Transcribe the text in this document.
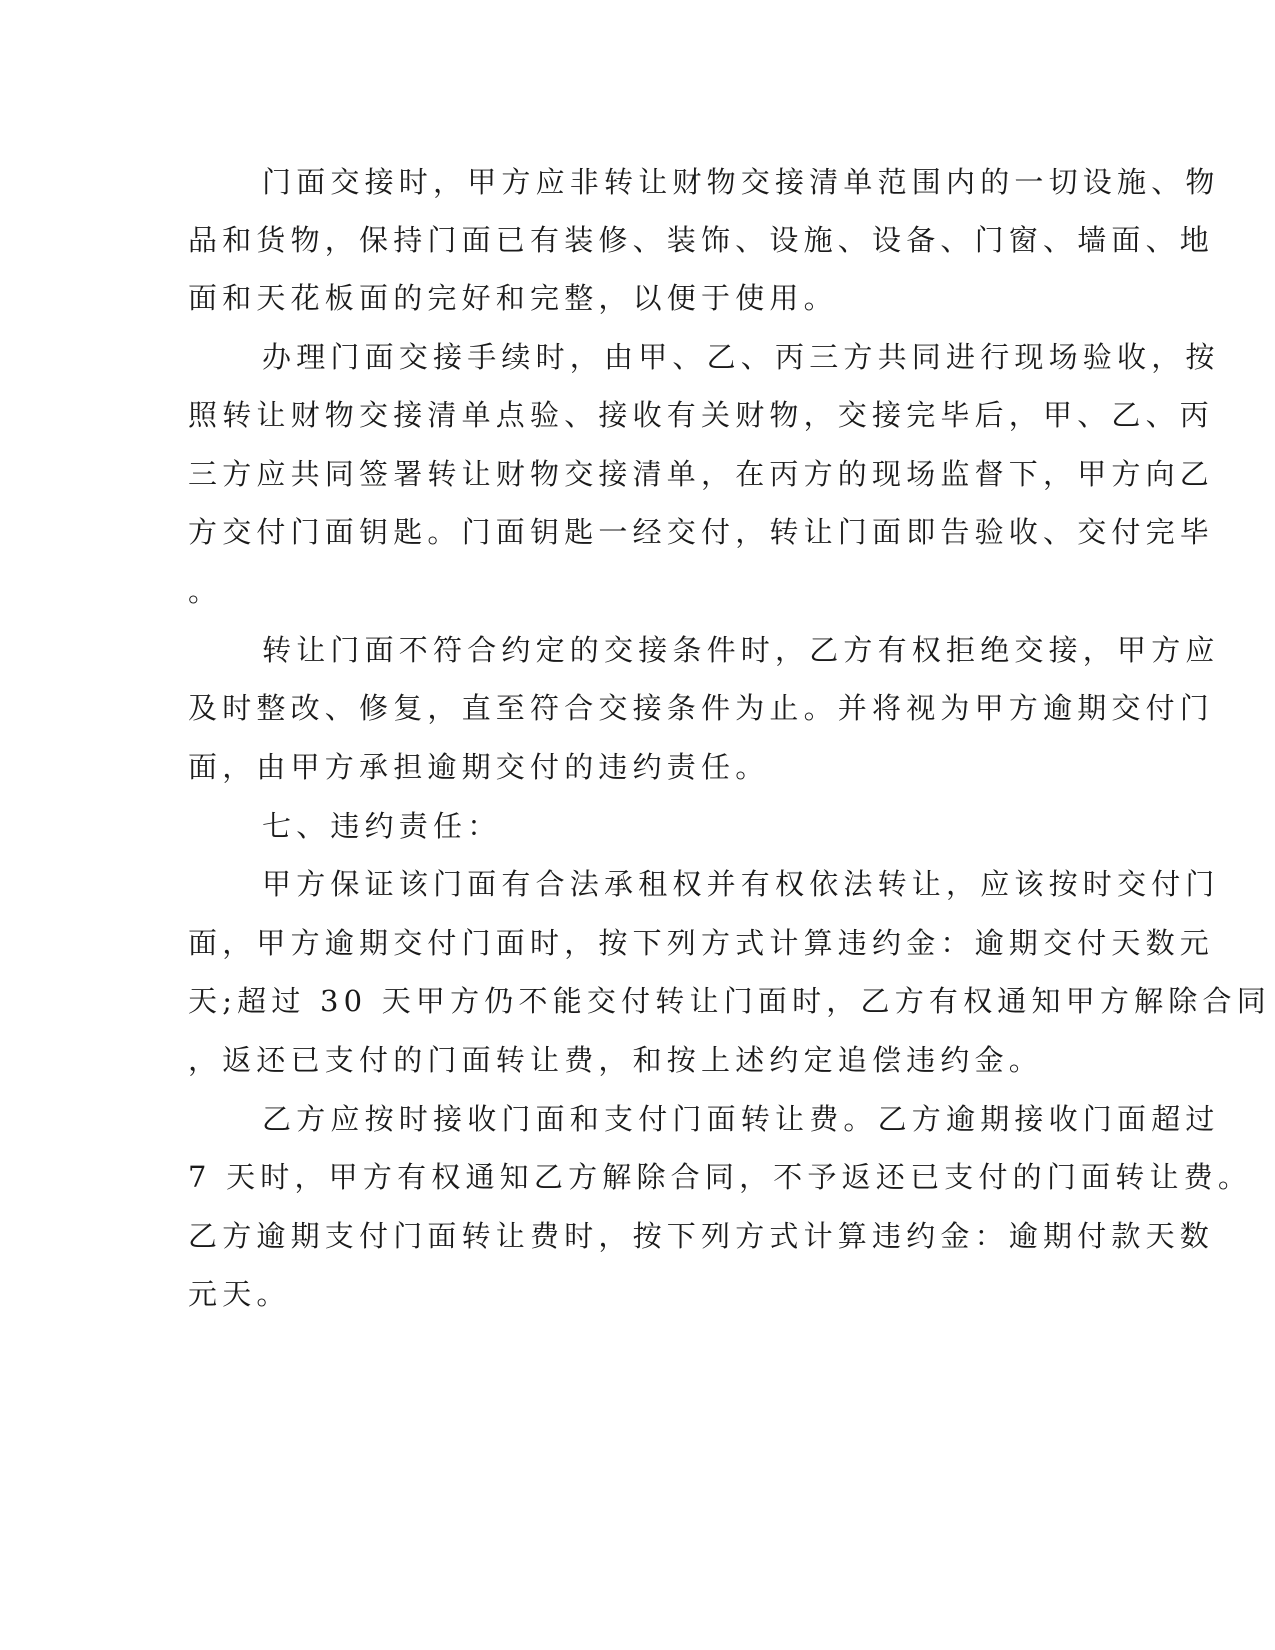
门面交接时，甲方应非转让财物交接清单范围内的一切设施、物
品和货物，保持门面已有装修、装饰、设施、设备、门窗、墙面、地
面和天花板面的完好和完整，以便于使用。
办理门面交接手续时，由甲、乙、丙三方共同进行现场验收，按
照转让财物交接清单点验、接收有关财物，交接完毕后，甲、乙、丙
三方应共同签署转让财物交接清单，在丙方的现场监督下，甲方向乙
方交付门面钥匙。门面钥匙一经交付，转让门面即告验收、交付完毕
。
转让门面不符合约定的交接条件时，乙方有权拒绝交接，甲方应
及时整改、修复，直至符合交接条件为止。并将视为甲方逾期交付门
面，由甲方承担逾期交付的违约责任。
七、违约责任：
甲方保证该门面有合法承租权并有权依法转让，应该按时交付门
面，甲方逾期交付门面时，按下列方式计算违约金：逾期交付天数元
天;超过 30 天甲方仍不能交付转让门面时，乙方有权通知甲方解除合同
，返还已支付的门面转让费，和按上述约定追偿违约金。
乙方应按时接收门面和支付门面转让费。乙方逾期接收门面超过
7 天时，甲方有权通知乙方解除合同，不予返还已支付的门面转让费。
乙方逾期支付门面转让费时，按下列方式计算违约金：逾期付款天数
元天。
